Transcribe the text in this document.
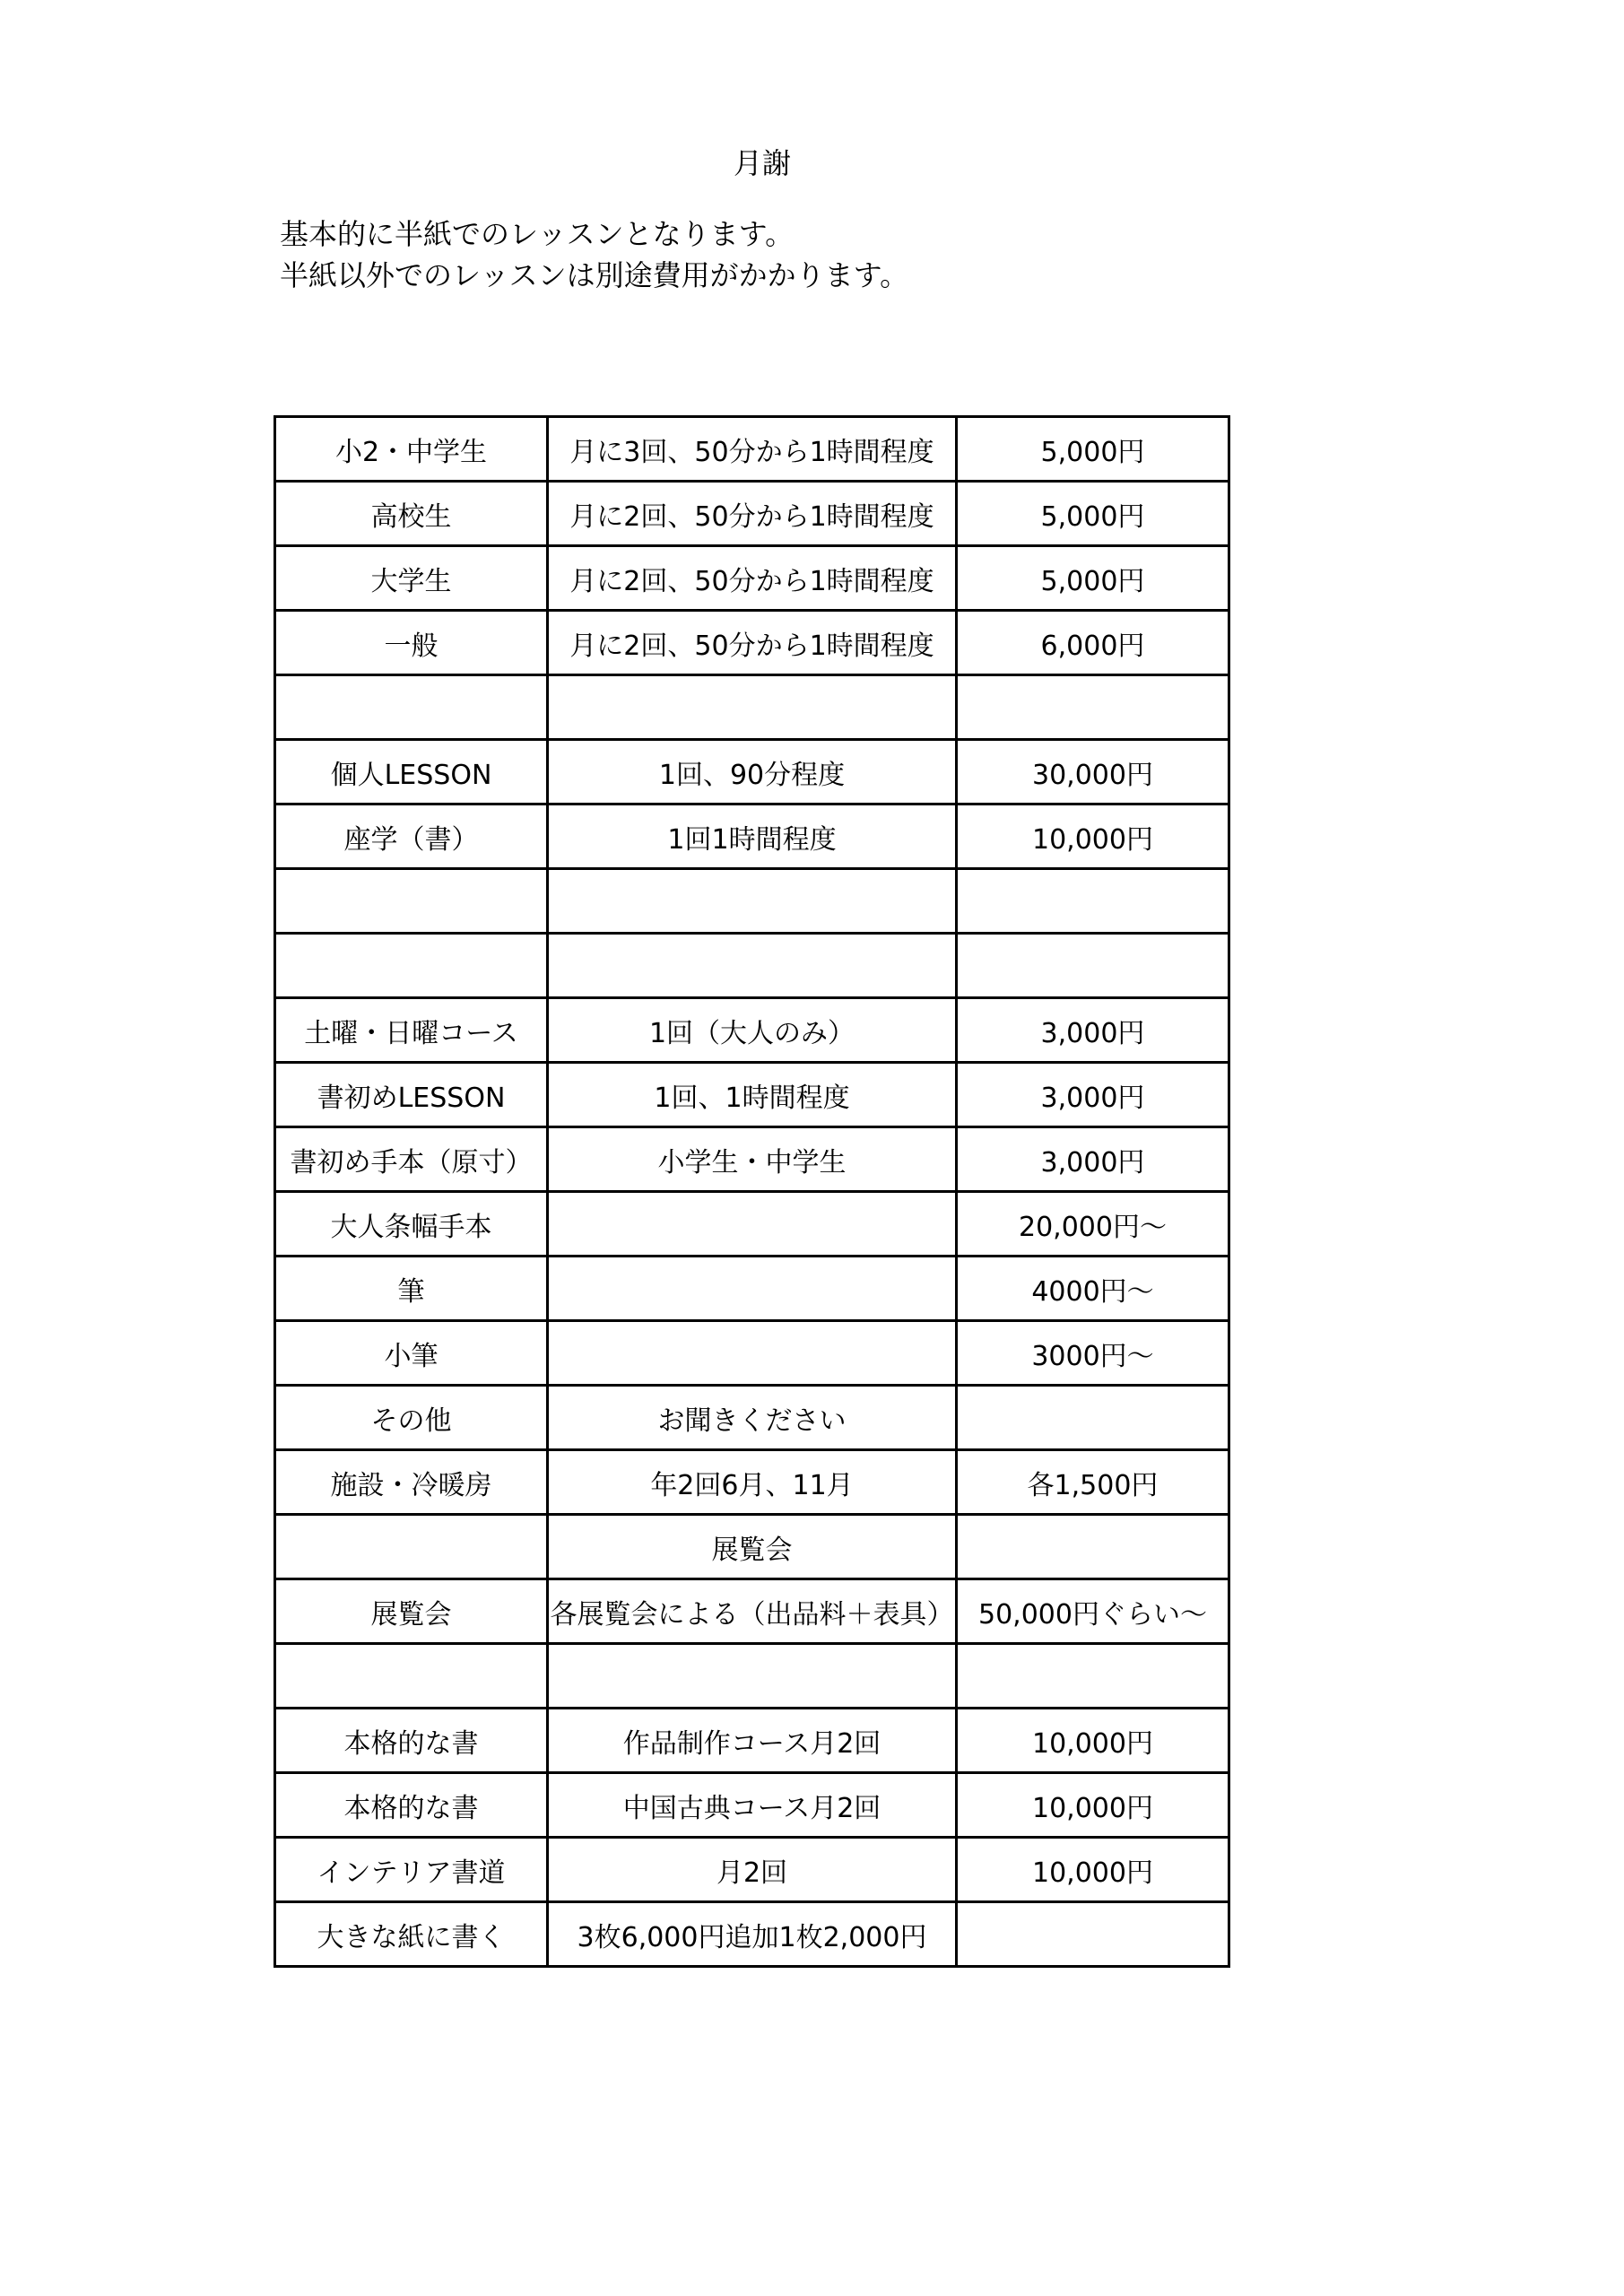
月謝

基本的に半紙でのレッスンとなります。

半紙以外でのレッスンは別途費用がかかります。

小2・中学生	月に3回、50分から1時間程度	5,000円
高校生	月に2回、50分から1時間程度	5,000円
大学生	月に2回、50分から1時間程度	5,000円
一般	月に2回、50分から1時間程度	6,000円

個人LESSON	1回、90分程度	30,000円
座学（書）	1回1時間程度	10,000円

土曜・日曜コース	1回（大人のみ）	3,000円
書初めLESSON	1回、1時間程度	3,000円
書初め手本（原寸）	小学生・中学生	3,000円
大人条幅手本		20,000円～
筆		4000円～
小筆		3000円～
その他	お聞きください	
施設・冷暖房	年2回6月、11月	各1,500円
	展覧会	
展覧会	各展覧会による（出品料＋表具）	50,000円ぐらい～

本格的な書	作品制作コース月2回	10,000円
本格的な書	中国古典コース月2回	10,000円
インテリア書道	月2回	10,000円
大きな紙に書く	3枚6,000円追加1枚2,000円	
